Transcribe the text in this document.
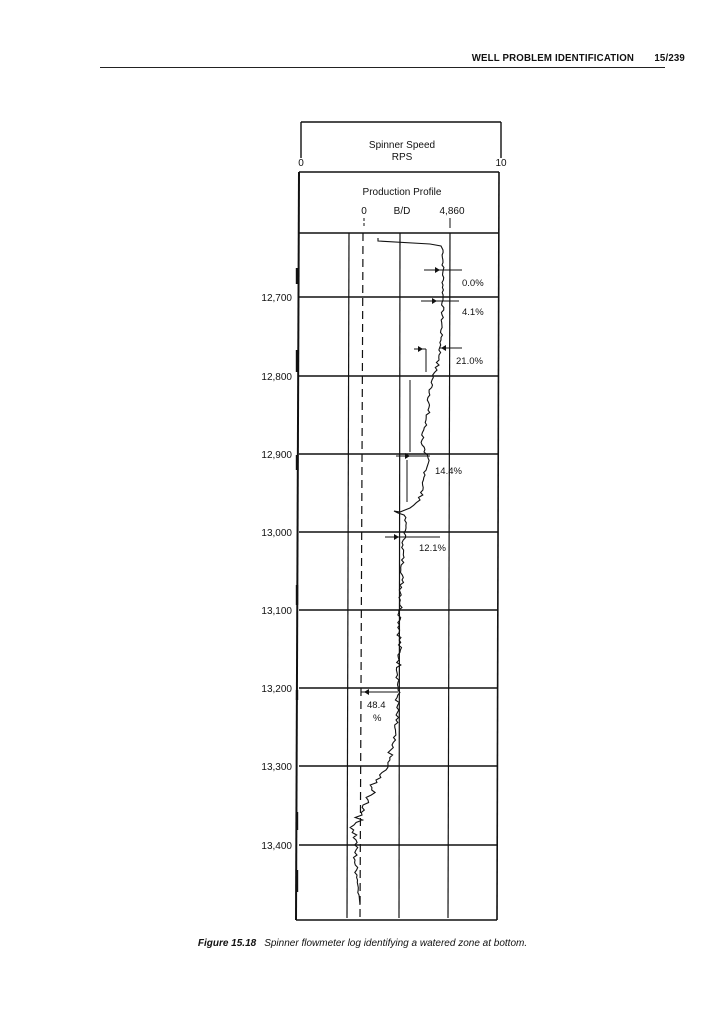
WELL PROBLEM IDENTIFICATION 15/239
Spinner Speed
RPS
0	10
Production Profile
0	B/D	4,860
12,700
12,800
12,900
13,000
13,100
13,200
13,300
13,400
0.0%
4.1%
21.0%
14.4%
12.1%
48.4
%
Figure 15.18 Spinner flowmeter log identifying a watered zone at bottom.
